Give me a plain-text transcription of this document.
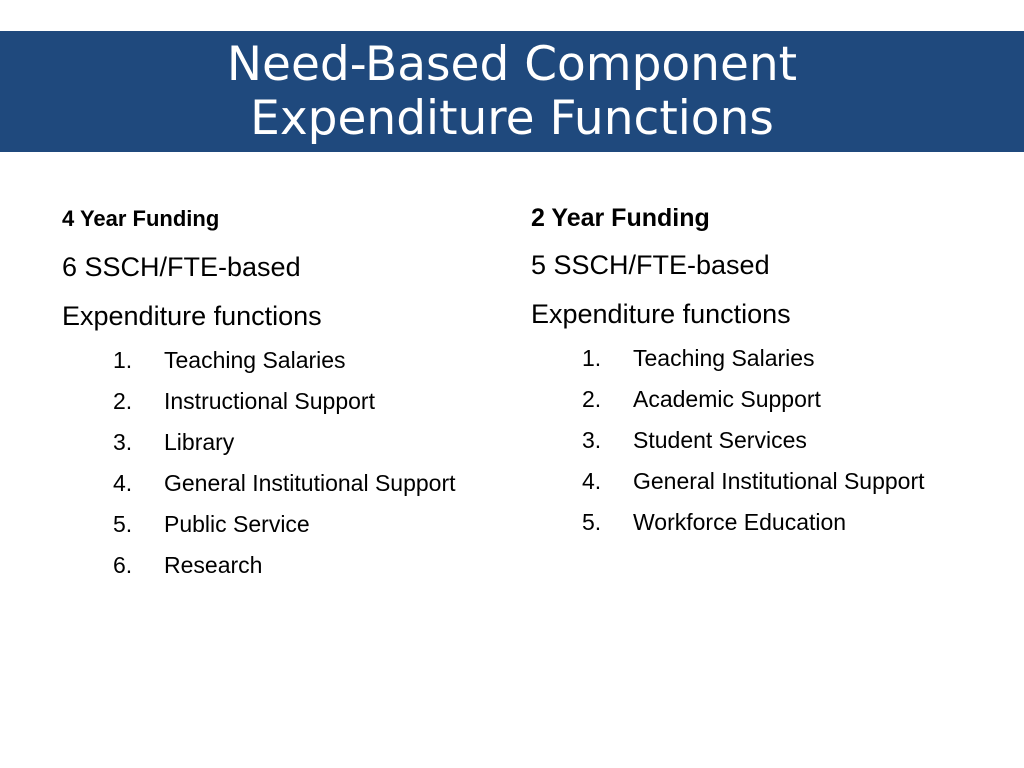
Need-Based Component
Expenditure Functions

4 Year Funding

6 SSCH/FTE-based

Expenditure functions

1.	Teaching Salaries
2.	Instructional Support
3.	Library
4.	General Institutional Support
5.	Public Service
6.	Research

2 Year Funding

5 SSCH/FTE-based

Expenditure functions

1.	Teaching Salaries
2.	Academic Support
3.	Student Services
4.	General Institutional Support
5.	Workforce Education
